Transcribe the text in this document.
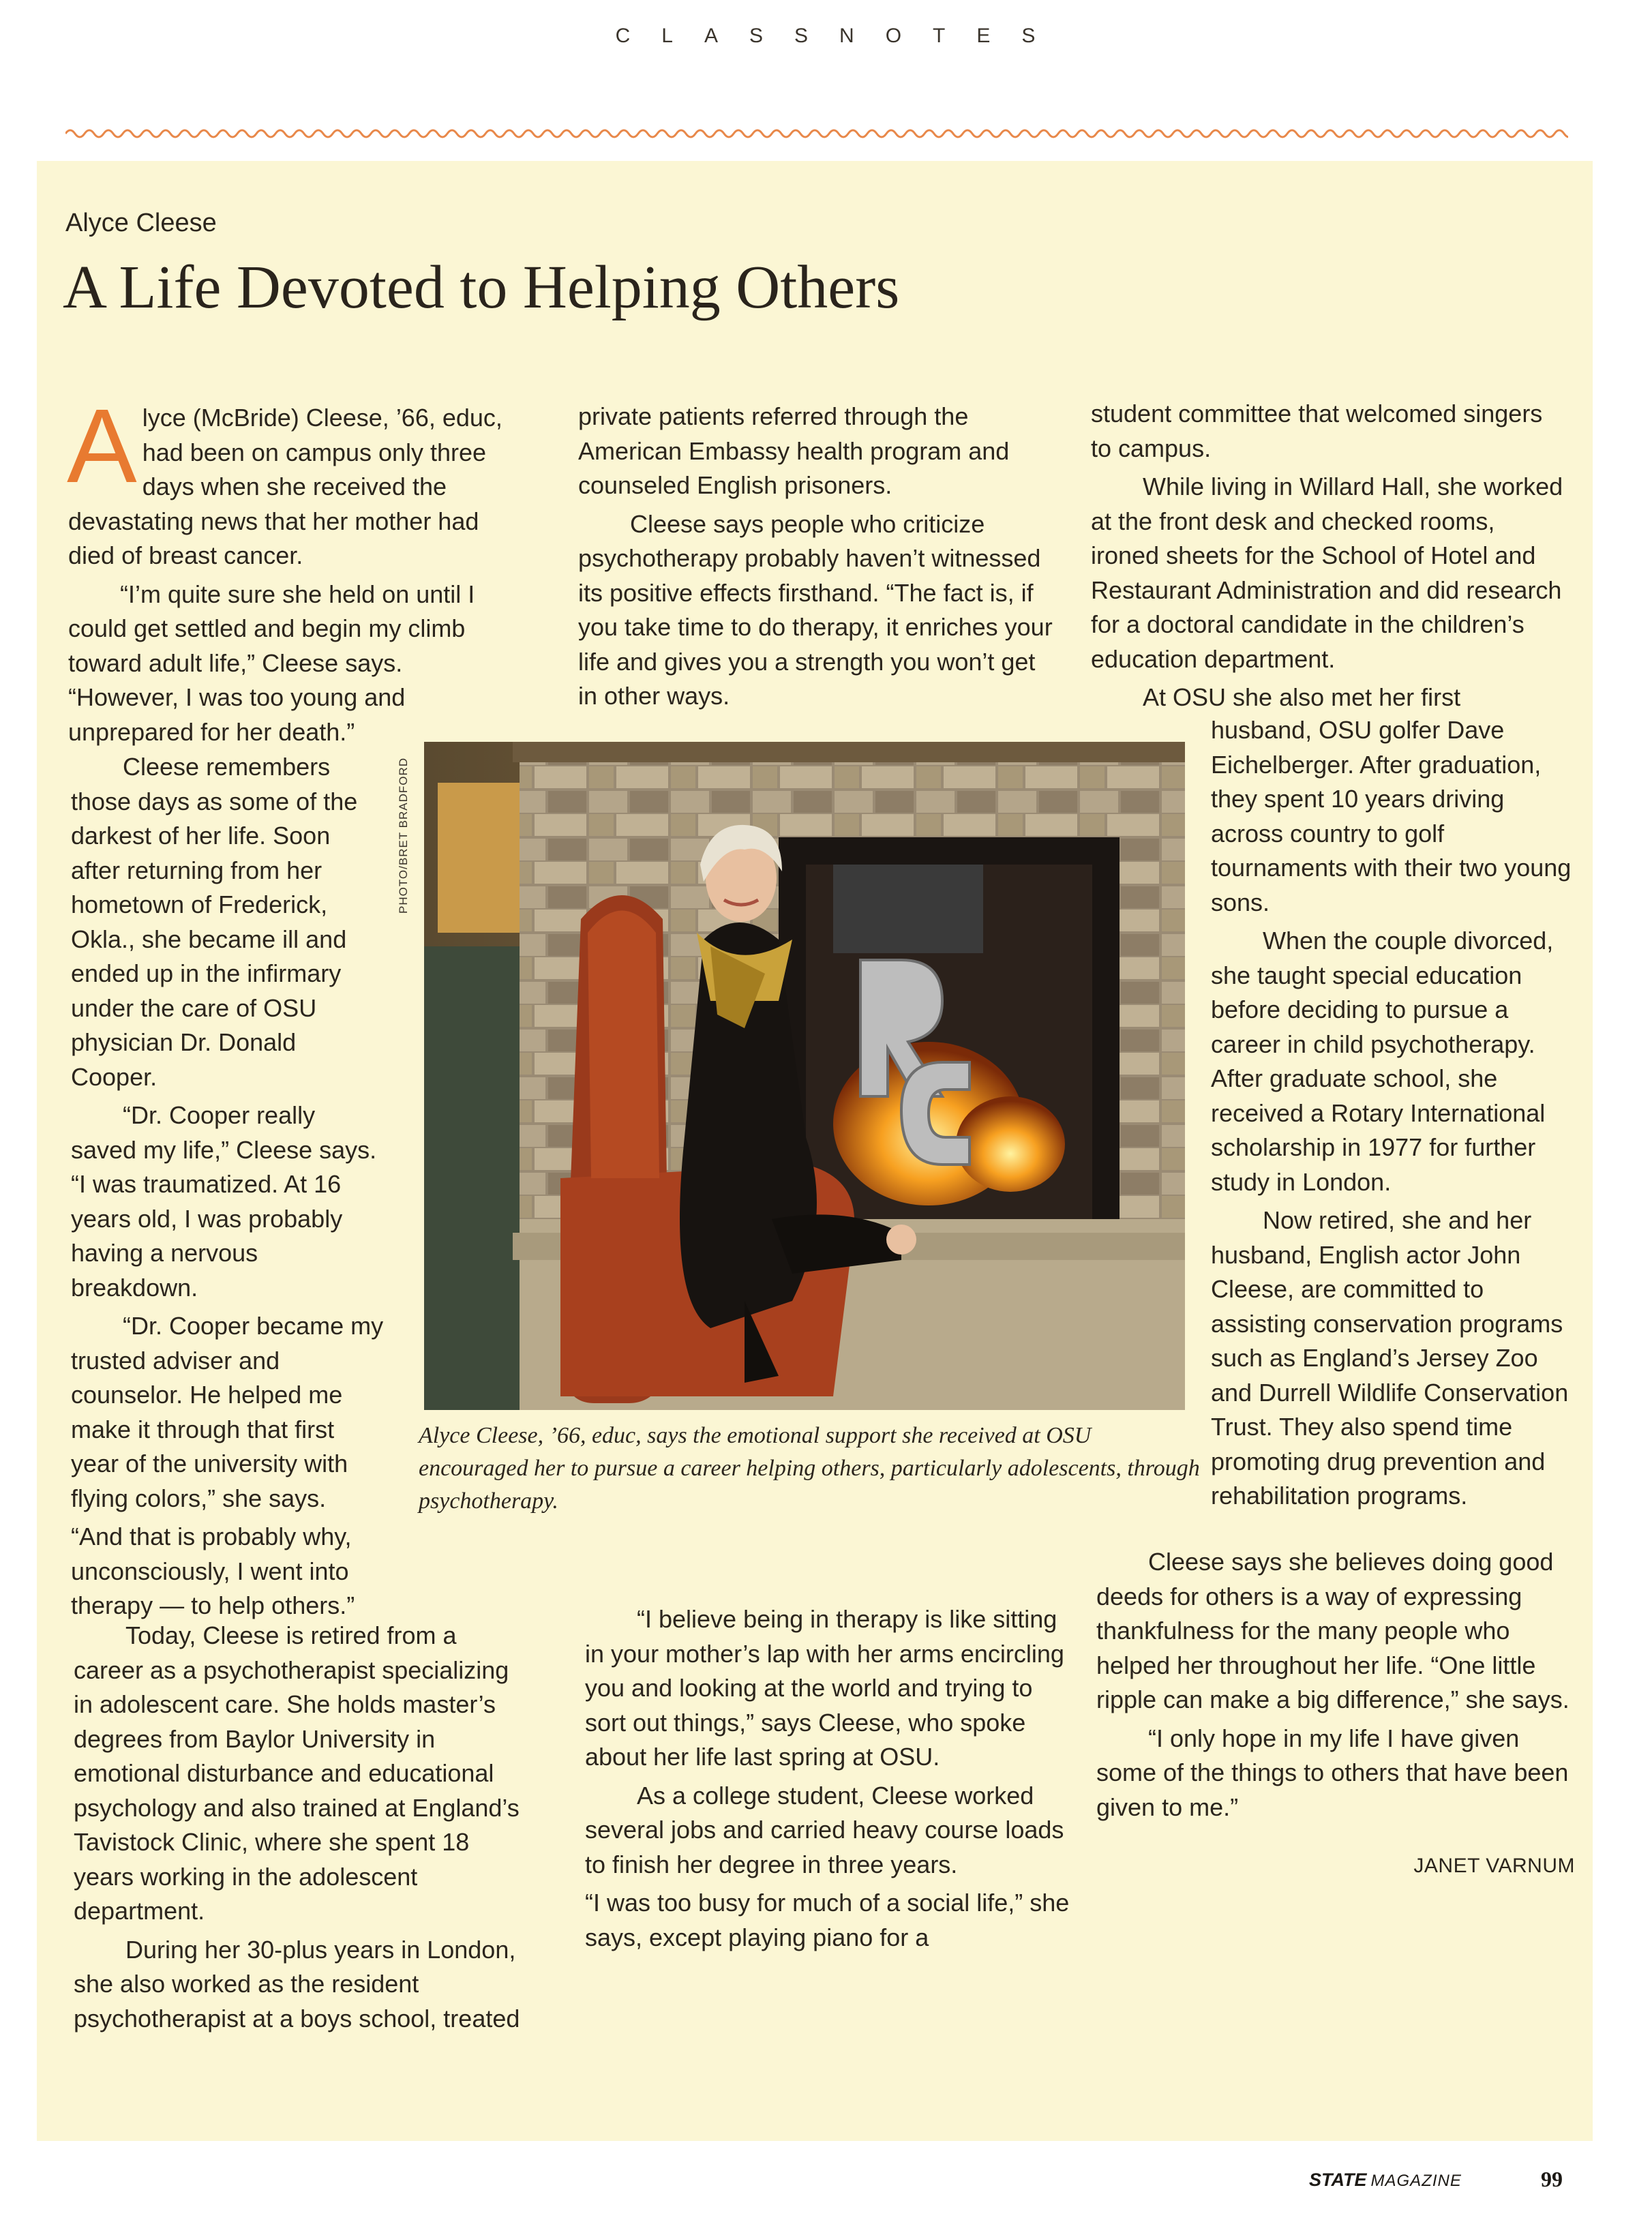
C L A S S N O T E S
Alyce Cleese
A Life Devoted to Helping Others

Alyce (McBride) Cleese, ’66, educ, had been on campus only three days when she received the devastating news that her mother had died of breast cancer.

“I’m quite sure she held on until I could get settled and begin my climb toward adult life,” Cleese says. “However, I was too young and unprepared for her death.”

Cleese remembers those days as some of the darkest of her life. Soon after returning from her hometown of Frederick, Okla., she became ill and ended up in the infirmary under the care of OSU physician Dr. Donald Cooper.

“Dr. Cooper really saved my life,” Cleese says. “I was traumatized. At 16 years old, I was probably having a nervous breakdown.

“Dr. Cooper became my trusted adviser and counselor. He helped me make it through that first year of the university with flying colors,” she says.

“And that is probably why, unconsciously, I went into therapy — to help others.”

Today, Cleese is retired from a career as a psychotherapist specializing in adolescent care. She holds master’s degrees from Baylor University in emotional disturbance and educational psychology and also trained at England’s Tavistock Clinic, where she spent 18 years working in the adolescent department.

During her 30-plus years in London, she also worked as the resident psychotherapist at a boys school, treated

private patients referred through the American Embassy health program and counseled English prisoners.

Cleese says people who criticize psychotherapy probably haven’t witnessed its positive effects firsthand. “The fact is, if you take time to do therapy, it enriches your life and gives you a strength you won’t get in other ways.

“I believe being in therapy is like sitting in your mother’s lap with her arms encircling you and looking at the world and trying to sort out things,” says Cleese, who spoke about her life last spring at OSU.

As a college student, Cleese worked several jobs and carried heavy course loads to finish her degree in three years.

“I was too busy for much of a social life,” she says, except playing piano for a

student committee that welcomed singers to campus.

While living in Willard Hall, she worked at the front desk and checked rooms, ironed sheets for the School of Hotel and Restaurant Administration and did research for a doctoral candidate in the children’s education department.

At OSU she also met her first

husband, OSU golfer Dave Eichelberger. After graduation, they spent 10 years driving across country to golf tournaments with their two young sons.

When the couple divorced, she taught special education before deciding to pursue a career in child psychotherapy. After graduate school, she received a Rotary International scholarship in 1977 for further study in London.

Now retired, she and her husband, English actor John Cleese, are committed to assisting conservation programs such as England’s Jersey Zoo and Durrell Wildlife Conservation Trust. They also spend time promoting drug prevention and rehabilitation programs.

Cleese says she believes doing good deeds for others is a way of expressing thankfulness for the many people who helped her throughout her life. “One little ripple can make a big difference,” she says.

“I only hope in my life I have given some of the things to others that have been given to me.”

JANET VARNUM
PHOTO/BRET BRADFORD
Alyce Cleese, ’66, educ, says the emotional support she received at OSU encouraged her to pursue a career helping others, particularly adolescents, through psychotherapy.
STATE MAGAZINE	99
